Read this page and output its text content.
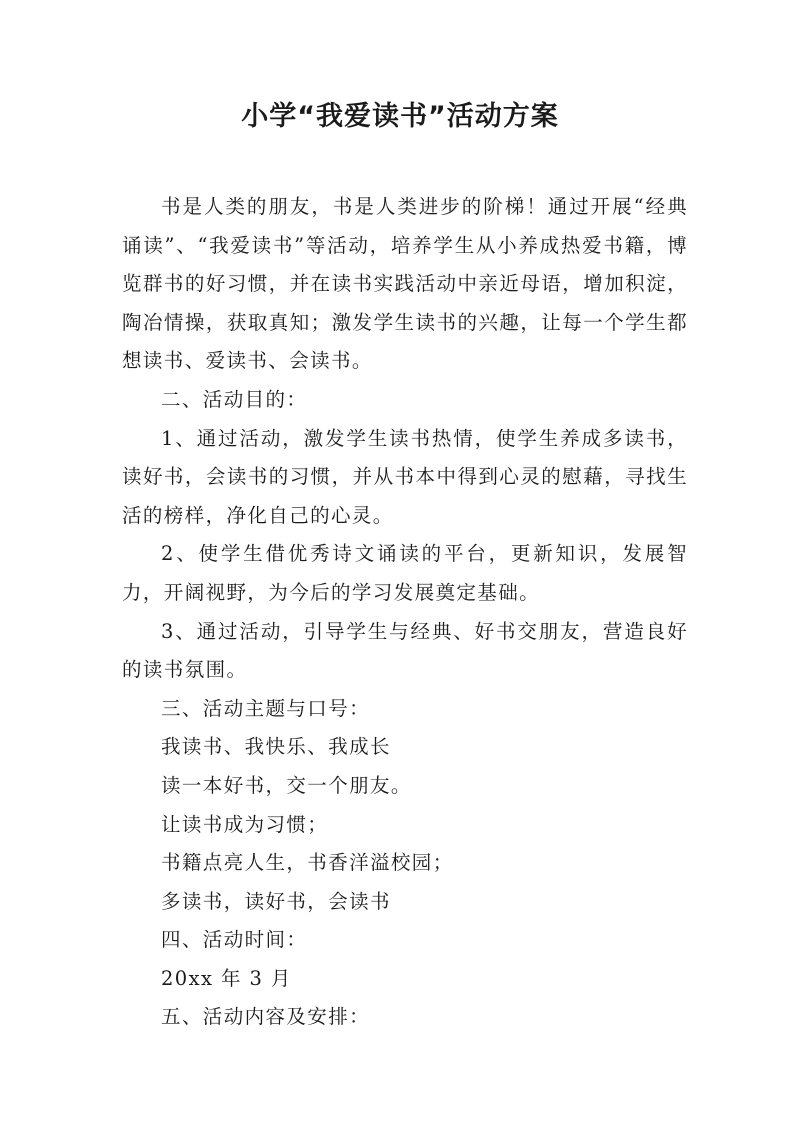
小学“我爱读书”活动方案

书是人类的朋友，书是人类进步的阶梯！通过开展“经典诵读”、“我爱读书”等活动，培养学生从小养成热爱书籍，博览群书的好习惯，并在读书实践活动中亲近母语，增加积淀，陶冶情操，获取真知；激发学生读书的兴趣，让每一个学生都想读书、爱读书、会读书。

二、活动目的：

1、通过活动，激发学生读书热情，使学生养成多读书，读好书，会读书的习惯，并从书本中得到心灵的慰藉，寻找生活的榜样，净化自己的心灵。

2、使学生借优秀诗文诵读的平台，更新知识，发展智力，开阔视野，为今后的学习发展奠定基础。

3、通过活动，引导学生与经典、好书交朋友，营造良好的读书氛围。

三、活动主题与口号：

我读书、我快乐、我成长

读一本好书，交一个朋友。

让读书成为习惯；

书籍点亮人生，书香洋溢校园；

多读书，读好书，会读书

四、活动时间：

20xx 年 3 月

五、活动内容及安排：
